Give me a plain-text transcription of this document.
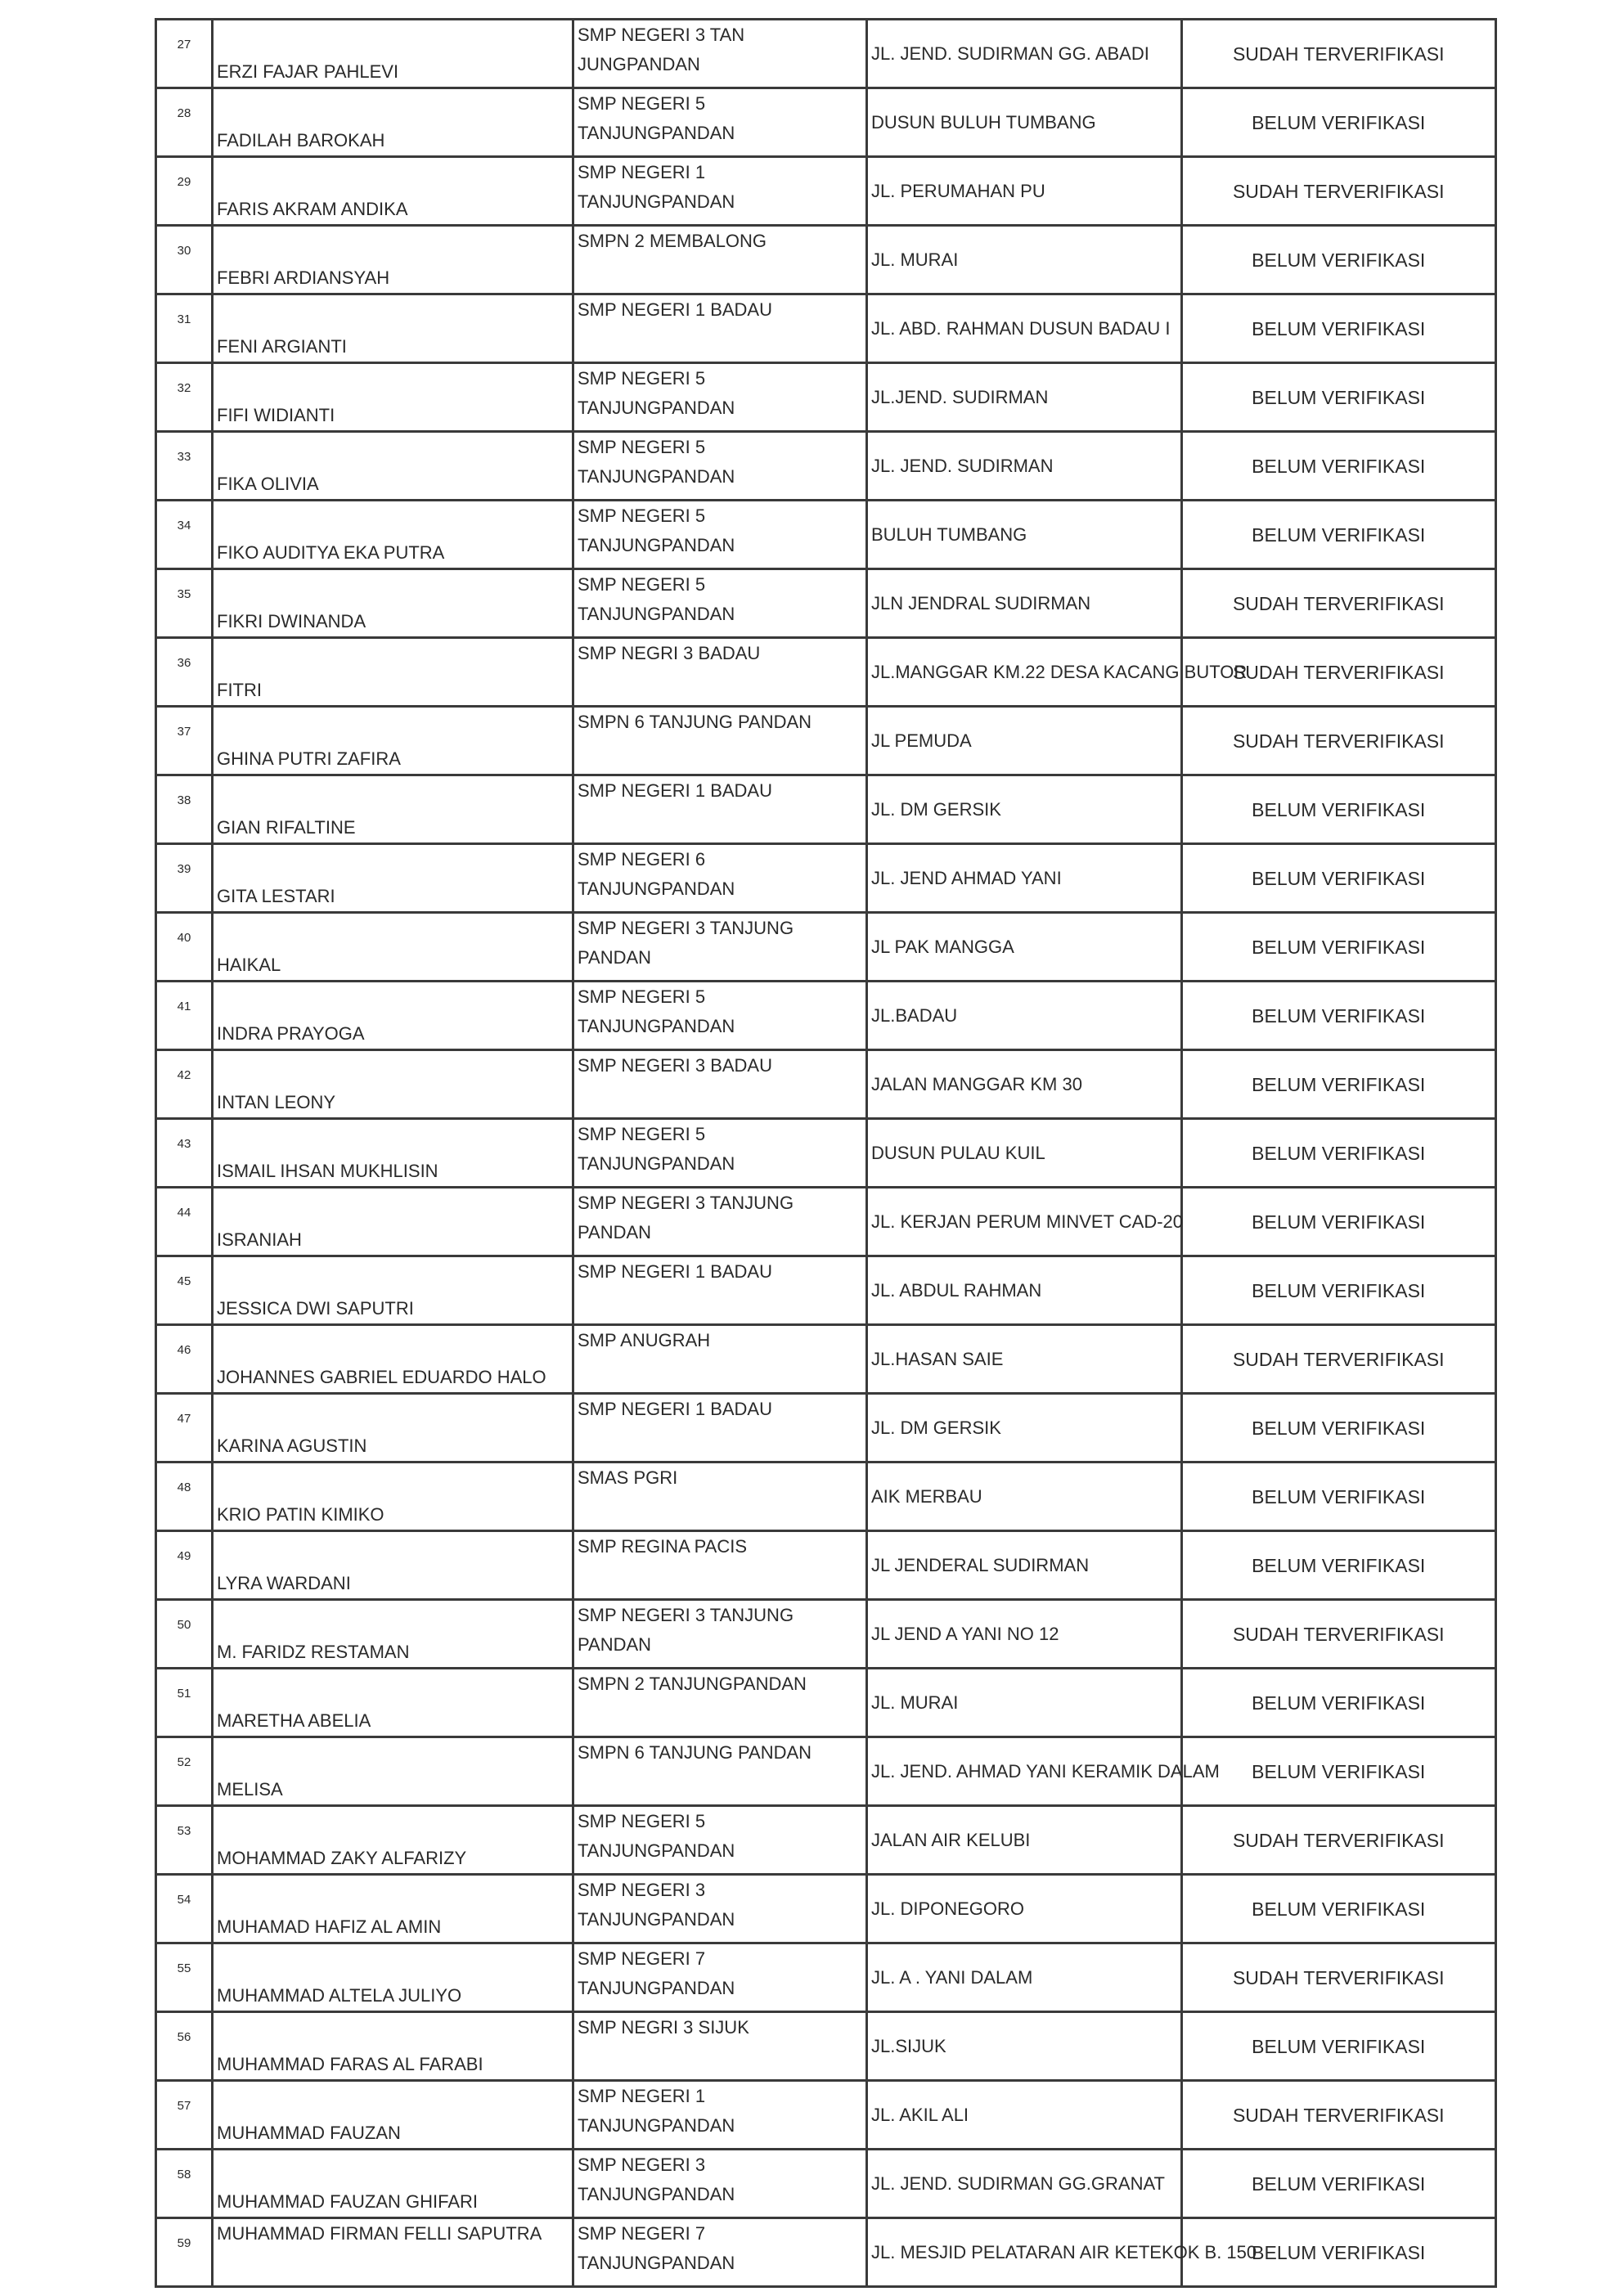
27	ERZI FAJAR PAHLEVI	SMP NEGERI 3 TAN JUNGPANDAN	JL. JEND. SUDIRMAN GG. ABADI	SUDAH TERVERIFIKASI
28	FADILAH BAROKAH	SMP NEGERI 5 TANJUNGPANDAN	DUSUN BULUH TUMBANG	BELUM VERIFIKASI
29	FARIS AKRAM ANDIKA	SMP NEGERI 1 TANJUNGPANDAN	JL. PERUMAHAN PU	SUDAH TERVERIFIKASI
30	FEBRI ARDIANSYAH	SMPN 2 MEMBALONG	JL. MURAI	BELUM VERIFIKASI
31	FENI ARGIANTI	SMP NEGERI 1 BADAU	JL. ABD. RAHMAN DUSUN BADAU I	BELUM VERIFIKASI
32	FIFI WIDIANTI	SMP NEGERI 5 TANJUNGPANDAN	JL.JEND. SUDIRMAN	BELUM VERIFIKASI
33	FIKA OLIVIA	SMP NEGERI 5 TANJUNGPANDAN	JL. JEND. SUDIRMAN	BELUM VERIFIKASI
34	FIKO AUDITYA EKA PUTRA	SMP NEGERI 5 TANJUNGPANDAN	BULUH TUMBANG	BELUM VERIFIKASI
35	FIKRI DWINANDA	SMP NEGERI 5 TANJUNGPANDAN	JLN JENDRAL SUDIRMAN	SUDAH TERVERIFIKASI
36	FITRI	SMP NEGRI 3 BADAU	JL.MANGGAR KM.22 DESA KACANG BUTOR	SUDAH TERVERIFIKASI
37	GHINA PUTRI ZAFIRA	SMPN 6 TANJUNG PANDAN	JL PEMUDA	SUDAH TERVERIFIKASI
38	GIAN RIFALTINE	SMP NEGERI 1 BADAU	JL. DM GERSIK	BELUM VERIFIKASI
39	GITA LESTARI	SMP NEGERI 6 TANJUNGPANDAN	JL. JEND AHMAD YANI	BELUM VERIFIKASI
40	HAIKAL	SMP NEGERI 3 TANJUNG PANDAN	JL PAK MANGGA	BELUM VERIFIKASI
41	INDRA PRAYOGA	SMP NEGERI 5 TANJUNGPANDAN	JL.BADAU	BELUM VERIFIKASI
42	INTAN LEONY	SMP NEGERI 3 BADAU	JALAN MANGGAR KM 30	BELUM VERIFIKASI
43	ISMAIL IHSAN MUKHLISIN	SMP NEGERI 5 TANJUNGPANDAN	DUSUN PULAU KUIL	BELUM VERIFIKASI
44	ISRANIAH	SMP NEGERI 3 TANJUNG PANDAN	JL. KERJAN PERUM MINVET CAD-20	BELUM VERIFIKASI
45	JESSICA DWI SAPUTRI	SMP NEGERI 1 BADAU	JL. ABDUL RAHMAN	BELUM VERIFIKASI
46	JOHANNES GABRIEL EDUARDO HALO	SMP ANUGRAH	JL.HASAN SAIE	SUDAH TERVERIFIKASI
47	KARINA AGUSTIN	SMP NEGERI 1 BADAU	JL. DM GERSIK	BELUM VERIFIKASI
48	KRIO PATIN KIMIKO	SMAS PGRI	AIK MERBAU	BELUM VERIFIKASI
49	LYRA WARDANI	SMP REGINA PACIS	JL JENDERAL SUDIRMAN	BELUM VERIFIKASI
50	M. FARIDZ RESTAMAN	SMP NEGERI 3 TANJUNG PANDAN	JL JEND A YANI NO 12	SUDAH TERVERIFIKASI
51	MARETHA ABELIA	SMPN 2 TANJUNGPANDAN	JL. MURAI	BELUM VERIFIKASI
52	MELISA	SMPN 6 TANJUNG PANDAN	JL. JEND. AHMAD YANI KERAMIK DALAM	BELUM VERIFIKASI
53	MOHAMMAD ZAKY ALFARIZY	SMP NEGERI 5 TANJUNGPANDAN	JALAN AIR KELUBI	SUDAH TERVERIFIKASI
54	MUHAMAD HAFIZ AL AMIN	SMP NEGERI 3 TANJUNGPANDAN	JL. DIPONEGORO	BELUM VERIFIKASI
55	MUHAMMAD ALTELA JULIYO	SMP NEGERI 7 TANJUNGPANDAN	JL. A . YANI DALAM	SUDAH TERVERIFIKASI
56	MUHAMMAD FARAS AL FARABI	SMP NEGRI 3 SIJUK	JL.SIJUK	BELUM VERIFIKASI
57	MUHAMMAD FAUZAN	SMP NEGERI 1 TANJUNGPANDAN	JL. AKIL ALI	SUDAH TERVERIFIKASI
58	MUHAMMAD FAUZAN GHIFARI	SMP NEGERI 3 TANJUNGPANDAN	JL. JEND. SUDIRMAN GG.GRANAT	BELUM VERIFIKASI
59	MUHAMMAD FIRMAN FELLI SAPUTRA	SMP NEGERI 7 TANJUNGPANDAN	JL. MESJID PELATARAN AIR KETEKOK B. 150	BELUM VERIFIKASI
